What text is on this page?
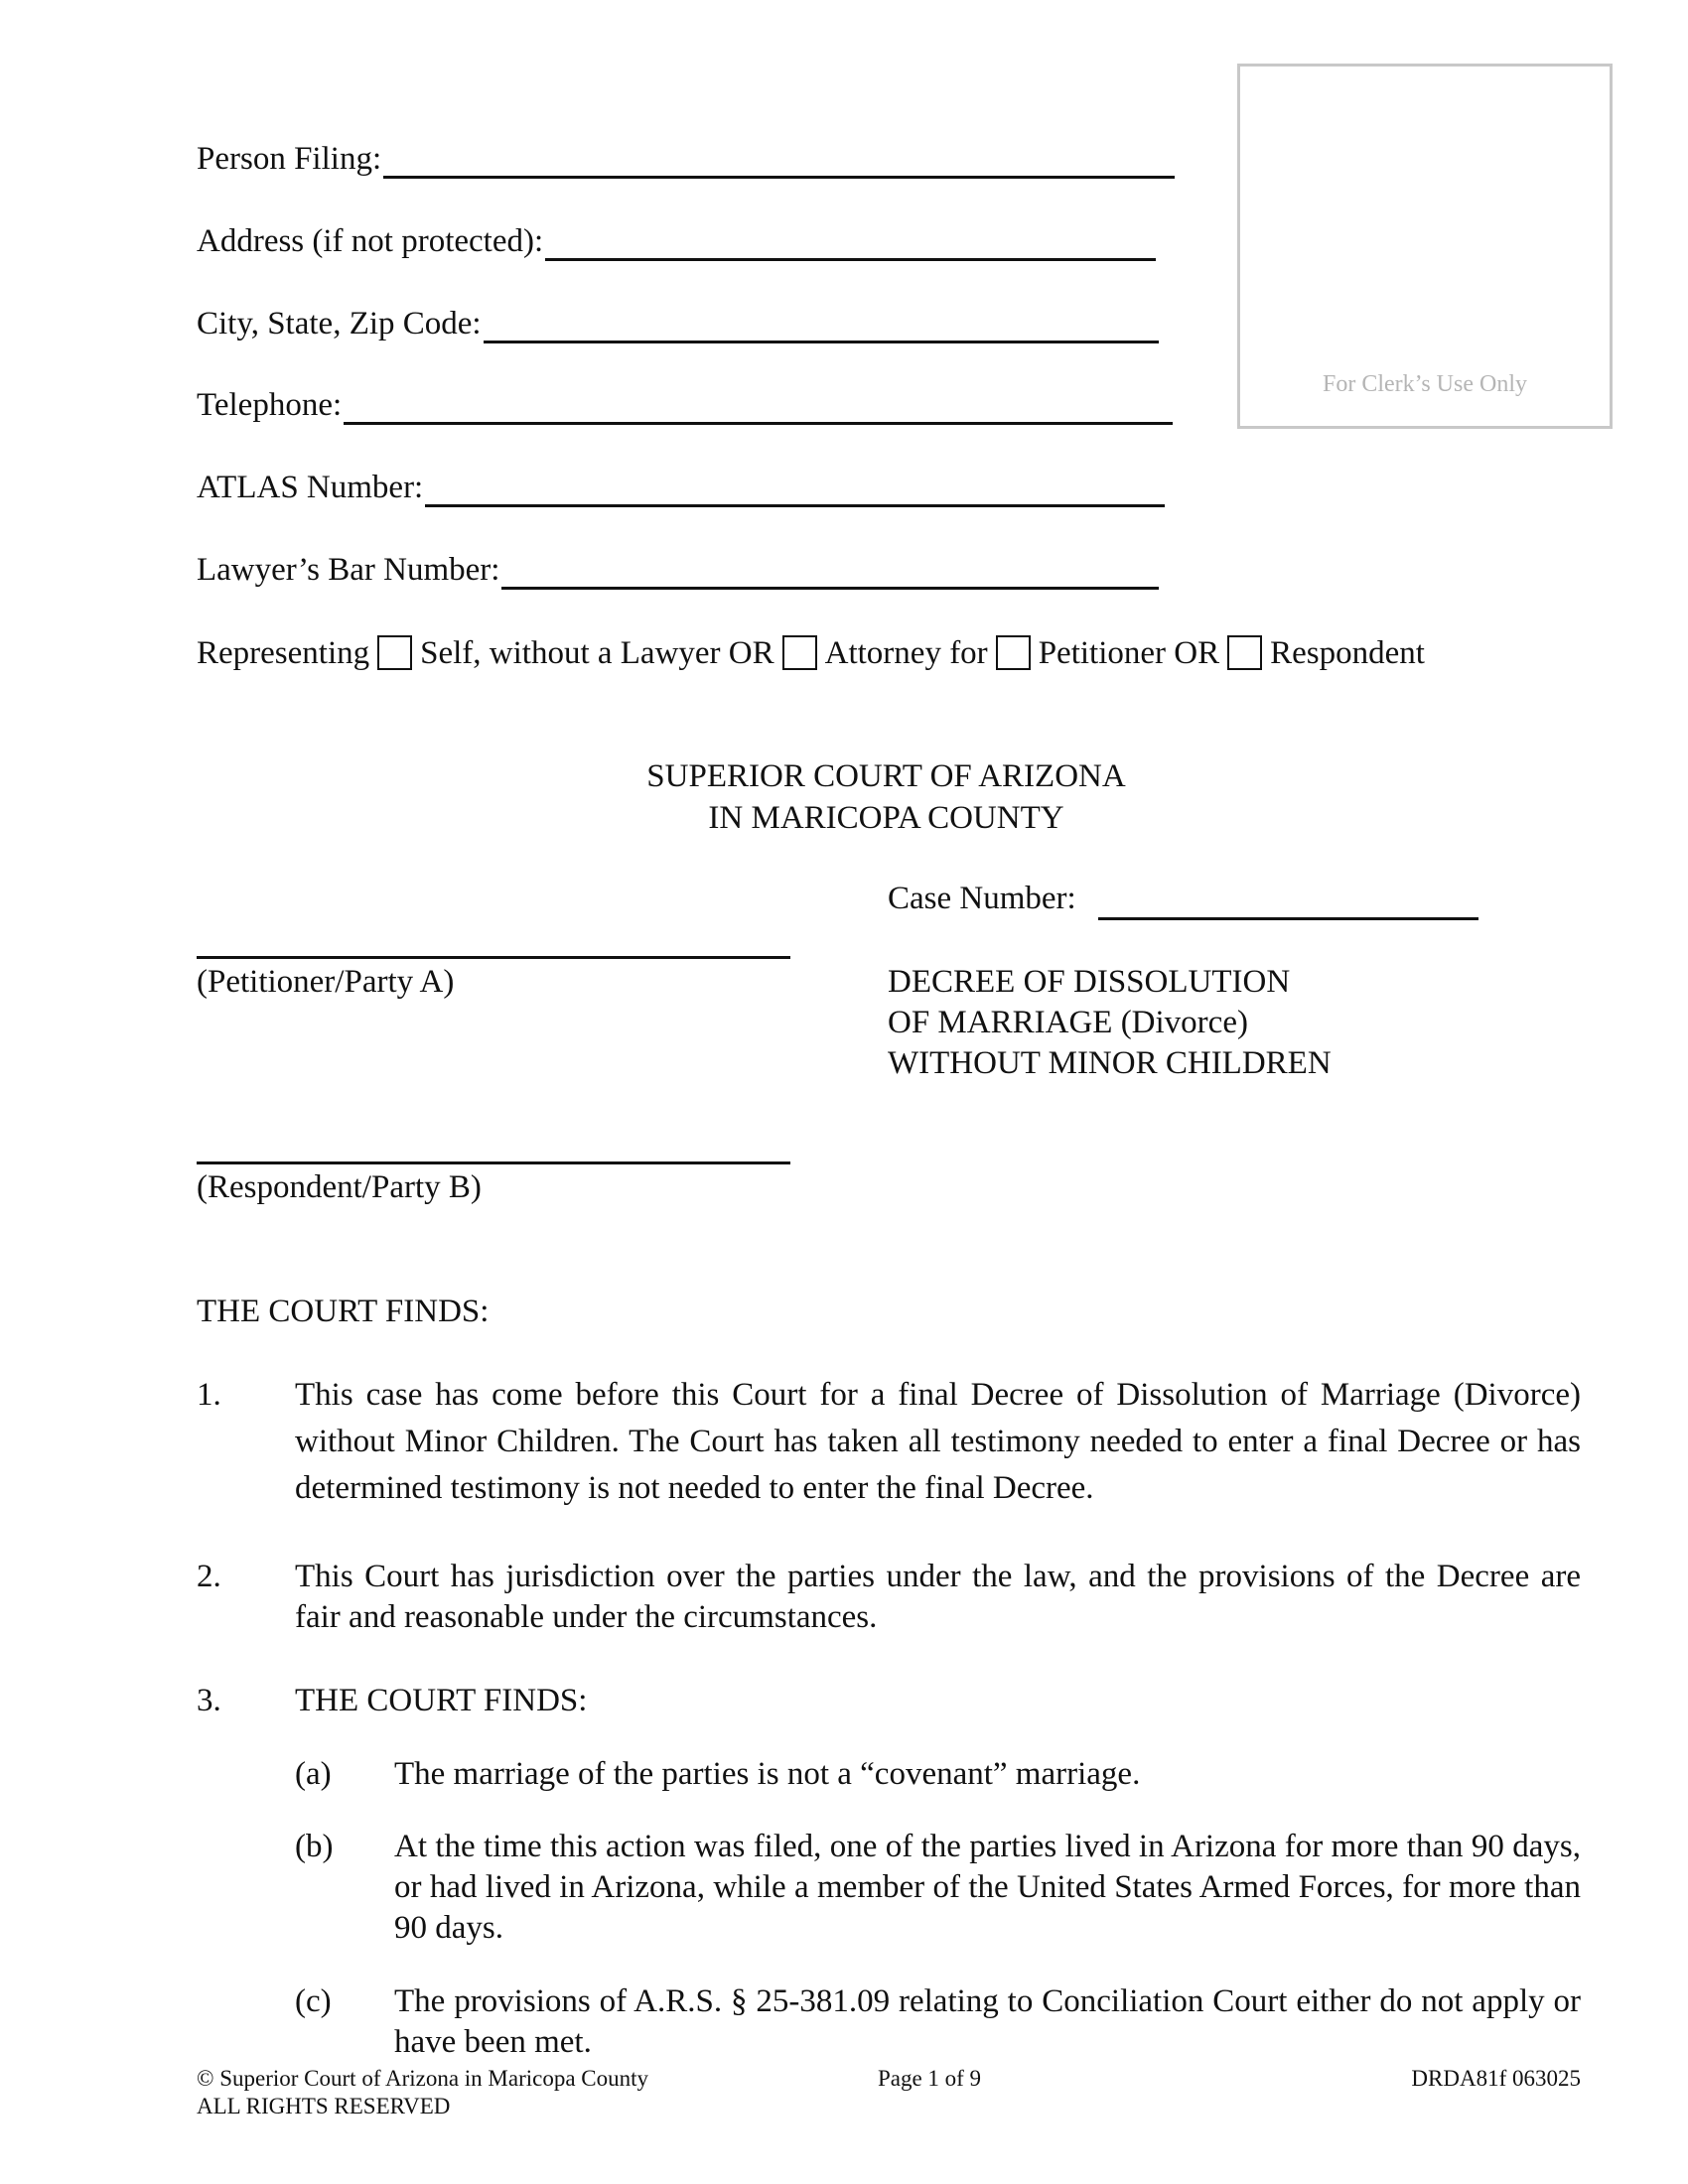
Person Filing:
Address (if not protected):
City, State, Zip Code:
Telephone:
ATLAS Number:
Lawyer’s Bar Number:
For Clerk’s Use Only
Representing Self, without a Lawyer OR Attorney for Petitioner OR Respondent
SUPERIOR COURT OF ARIZONA
IN MARICOPA COUNTY
Case Number:
(Petitioner/Party A)	DECREE OF DISSOLUTION
OF MARRIAGE (Divorce)
WITHOUT MINOR CHILDREN
(Respondent/Party B)
THE COURT FINDS:
1. This case has come before this Court for a final Decree of Dissolution of Marriage (Divorce) without Minor Children. The Court has taken all testimony needed to enter a final Decree or has determined testimony is not needed to enter the final Decree.
2. This Court has jurisdiction over the parties under the law, and the provisions of the Decree are fair and reasonable under the circumstances.
3. THE COURT FINDS:
(a) The marriage of the parties is not a “covenant” marriage.
(b) At the time this action was filed, one of the parties lived in Arizona for more than 90 days, or had lived in Arizona, while a member of the United States Armed Forces, for more than 90 days.
(c) The provisions of A.R.S. § 25-381.09 relating to Conciliation Court either do not apply or have been met.
© Superior Court of Arizona in Maricopa County
ALL RIGHTS RESERVED
Page 1 of 9	DRDA81f 063025
